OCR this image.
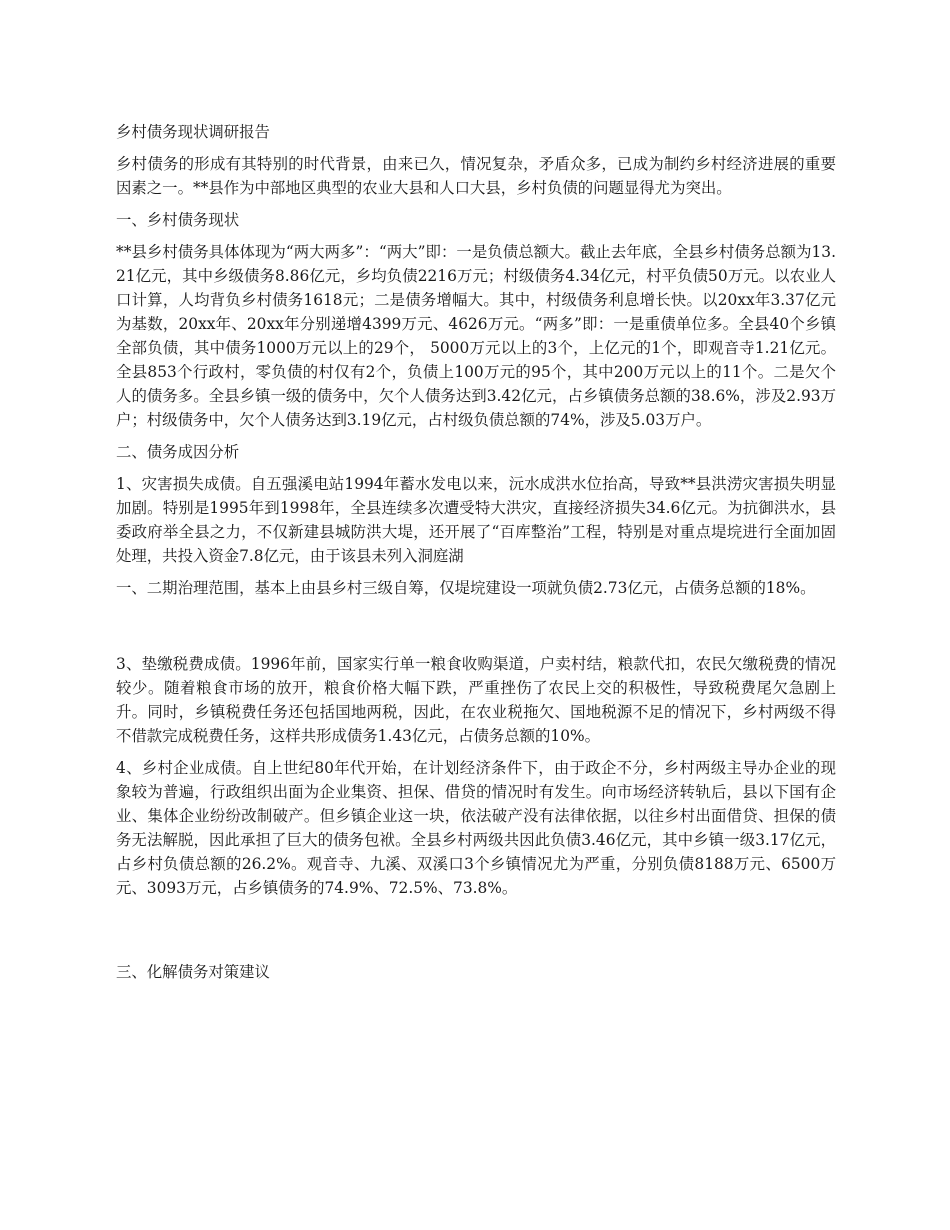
乡村债务现状调研报告

乡村债务的形成有其特别的时代背景，由来已久，情况复杂，矛盾众多，已成为制约乡村经济进展的重要因素之一。**县作为中部地区典型的农业大县和人口大县，乡村负债的问题显得尤为突出。

一、乡村债务现状

**县乡村债务具体体现为“两大两多”：“两大”即：一是负债总额大。截止去年底，全县乡村债务总额为13.21亿元，其中乡级债务8.86亿元，乡均负债2216万元；村级债务4.34亿元，村平负债50万元。以农业人口计算，人均背负乡村债务1618元；二是债务增幅大。其中，村级债务利息增长快。以20xx年3.37亿元为基数，20xx年、20xx年分别递增4399万元、4626万元。“两多”即：一是重债单位多。全县40个乡镇全部负债，其中债务1000万元以上的29个， 5000万元以上的3个，上亿元的1个，即观音寺1.21亿元。全县853个行政村，零负债的村仅有2个，负债上100万元的95个，其中200万元以上的11个。二是欠个人的债务多。全县乡镇一级的债务中，欠个人债务达到3.42亿元，占乡镇债务总额的38.6%，涉及2.93万户；村级债务中，欠个人债务达到3.19亿元，占村级负债总额的74%，涉及5.03万户。

二、债务成因分析

1、灾害损失成债。自五强溪电站1994年蓄水发电以来，沅水成洪水位抬高，导致**县洪涝灾害损失明显加剧。特别是1995年到1998年，全县连续多次遭受特大洪灾，直接经济损失34.6亿元。为抗御洪水，县委政府举全县之力，不仅新建县城防洪大堤，还开展了“百库整治”工程，特别是对重点堤垸进行全面加固处理，共投入资金7.8亿元，由于该县未列入洞庭湖

一、二期治理范围，基本上由县乡村三级自筹，仅堤垸建设一项就负债2.73亿元，占债务总额的18%。

3、垫缴税费成债。1996年前，国家实行单一粮食收购渠道，户卖村结，粮款代扣，农民欠缴税费的情况较少。随着粮食市场的放开，粮食价格大幅下跌，严重挫伤了农民上交的积极性，导致税费尾欠急剧上升。同时，乡镇税费任务还包括国地两税，因此，在农业税拖欠、国地税源不足的情况下，乡村两级不得不借款完成税费任务，这样共形成债务1.43亿元，占债务总额的10%。

4、乡村企业成债。自上世纪80年代开始，在计划经济条件下，由于政企不分，乡村两级主导办企业的现象较为普遍，行政组织出面为企业集资、担保、借贷的情况时有发生。向市场经济转轨后，县以下国有企业、集体企业纷纷改制破产。但乡镇企业这一块，依法破产没有法律依据，以往乡村出面借贷、担保的债务无法解脱，因此承担了巨大的债务包袱。全县乡村两级共因此负债3.46亿元，其中乡镇一级3.17亿元，占乡村负债总额的26.2%。观音寺、九溪、双溪口3个乡镇情况尤为严重，分别负债8188万元、6500万元、3093万元，占乡镇债务的74.9%、72.5%、73.8%。

三、化解债务对策建议
